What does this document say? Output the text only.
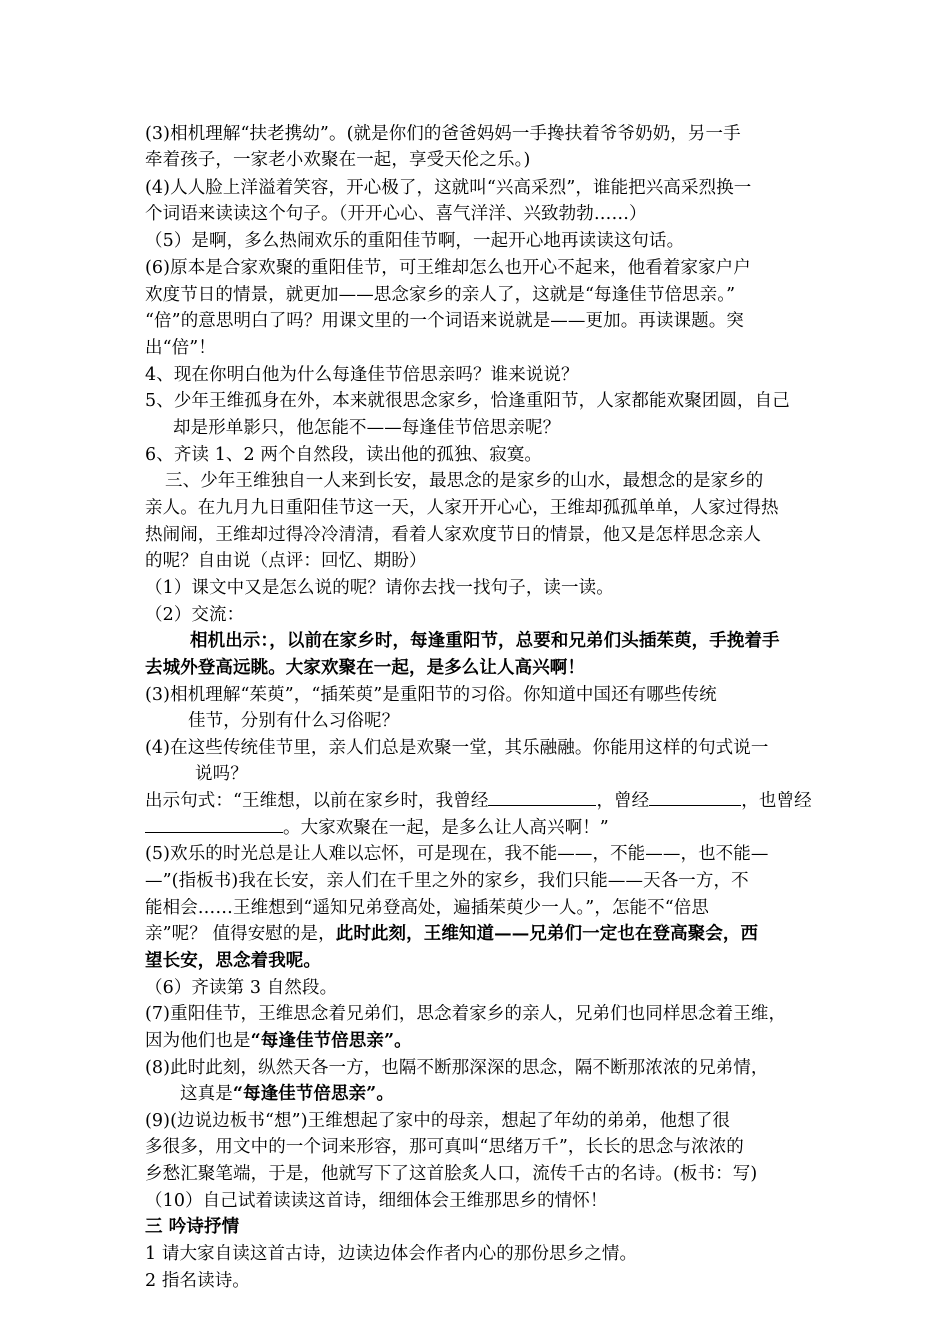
(3)相机理解“扶老携幼”。(就是你们的爸爸妈妈一手搀扶着爷爷奶奶，另一手
牵着孩子，一家老小欢聚在一起，享受天伦之乐。)
(4)人人脸上洋溢着笑容，开心极了，这就叫“兴高采烈”，谁能把兴高采烈换一
个词语来读读这个句子。（开开心心、喜气洋洋、兴致勃勃……）
（5）是啊，多么热闹欢乐的重阳佳节啊，一起开心地再读读这句话。
(6)原本是合家欢聚的重阳佳节，可王维却怎么也开心不起来，他看着家家户户
欢度节日的情景，就更加——思念家乡的亲人了，这就是“每逢佳节倍思亲。”
“倍”的意思明白了吗？用课文里的一个词语来说就是——更加。再读课题。突
出“倍”！
4、现在你明白他为什么每逢佳节倍思亲吗？谁来说说？
5、少年王维孤身在外，本来就很思念家乡，恰逢重阳节，人家都能欢聚团圆，自己
却是形单影只，他怎能不——每逢佳节倍思亲呢？
6、齐读 1、2 两个自然段，读出他的孤独、寂寞。
三、少年王维独自一人来到长安，最思念的是家乡的山水，最想念的是家乡的
亲人。在九月九日重阳佳节这一天，人家开开心心，王维却孤孤单单，人家过得热
热闹闹，王维却过得冷冷清清，看着人家欢度节日的情景，他又是怎样思念亲人
的呢？自由说（点评：回忆、期盼）
（1）课文中又是怎么说的呢？请你去找一找句子，读一读。
（2）交流：
相机出示：，以前在家乡时，每逢重阳节，总要和兄弟们头插茱萸，手挽着手
去城外登高远眺。大家欢聚在一起，是多么让人高兴啊！
(3)相机理解“茱萸”，“插茱萸”是重阳节的习俗。你知道中国还有哪些传统
佳节，分别有什么习俗呢？
(4)在这些传统佳节里，亲人们总是欢聚一堂，其乐融融。你能用这样的句式说一
说吗？
出示句式：“王维想，以前在家乡时，我曾经	，曾经	，也曾经
。大家欢聚在一起，是多么让人高兴啊！”
(5)欢乐的时光总是让人难以忘怀，可是现在，我不能——，不能——，也不能—
—”(指板书)我在长安，亲人们在千里之外的家乡，我们只能——天各一方，不
能相会……王维想到“遥知兄弟登高处，遍插茱萸少一人。”，怎能不“倍思
亲”呢？ 值得安慰的是，此时此刻，王维知道——兄弟们一定也在登高聚会，西
望长安，思念着我呢。
（6）齐读第 3 自然段。
(7)重阳佳节，王维思念着兄弟们，思念着家乡的亲人，兄弟们也同样思念着王维，
因为他们也是“每逢佳节倍思亲”。
(8)此时此刻，纵然天各一方，也隔不断那深深的思念，隔不断那浓浓的兄弟情，
这真是“每逢佳节倍思亲”。
(9)(边说边板书“想”)王维想起了家中的母亲，想起了年幼的弟弟，他想了很
多很多，用文中的一个词来形容，那可真叫“思绪万千”，长长的思念与浓浓的
乡愁汇聚笔端，于是，他就写下了这首脍炙人口，流传千古的名诗。(板书：写)
（10）自己试着读读这首诗，细细体会王维那思乡的情怀！
三 吟诗抒情
1 请大家自读这首古诗，边读边体会作者内心的那份思乡之情。
2 指名读诗。
